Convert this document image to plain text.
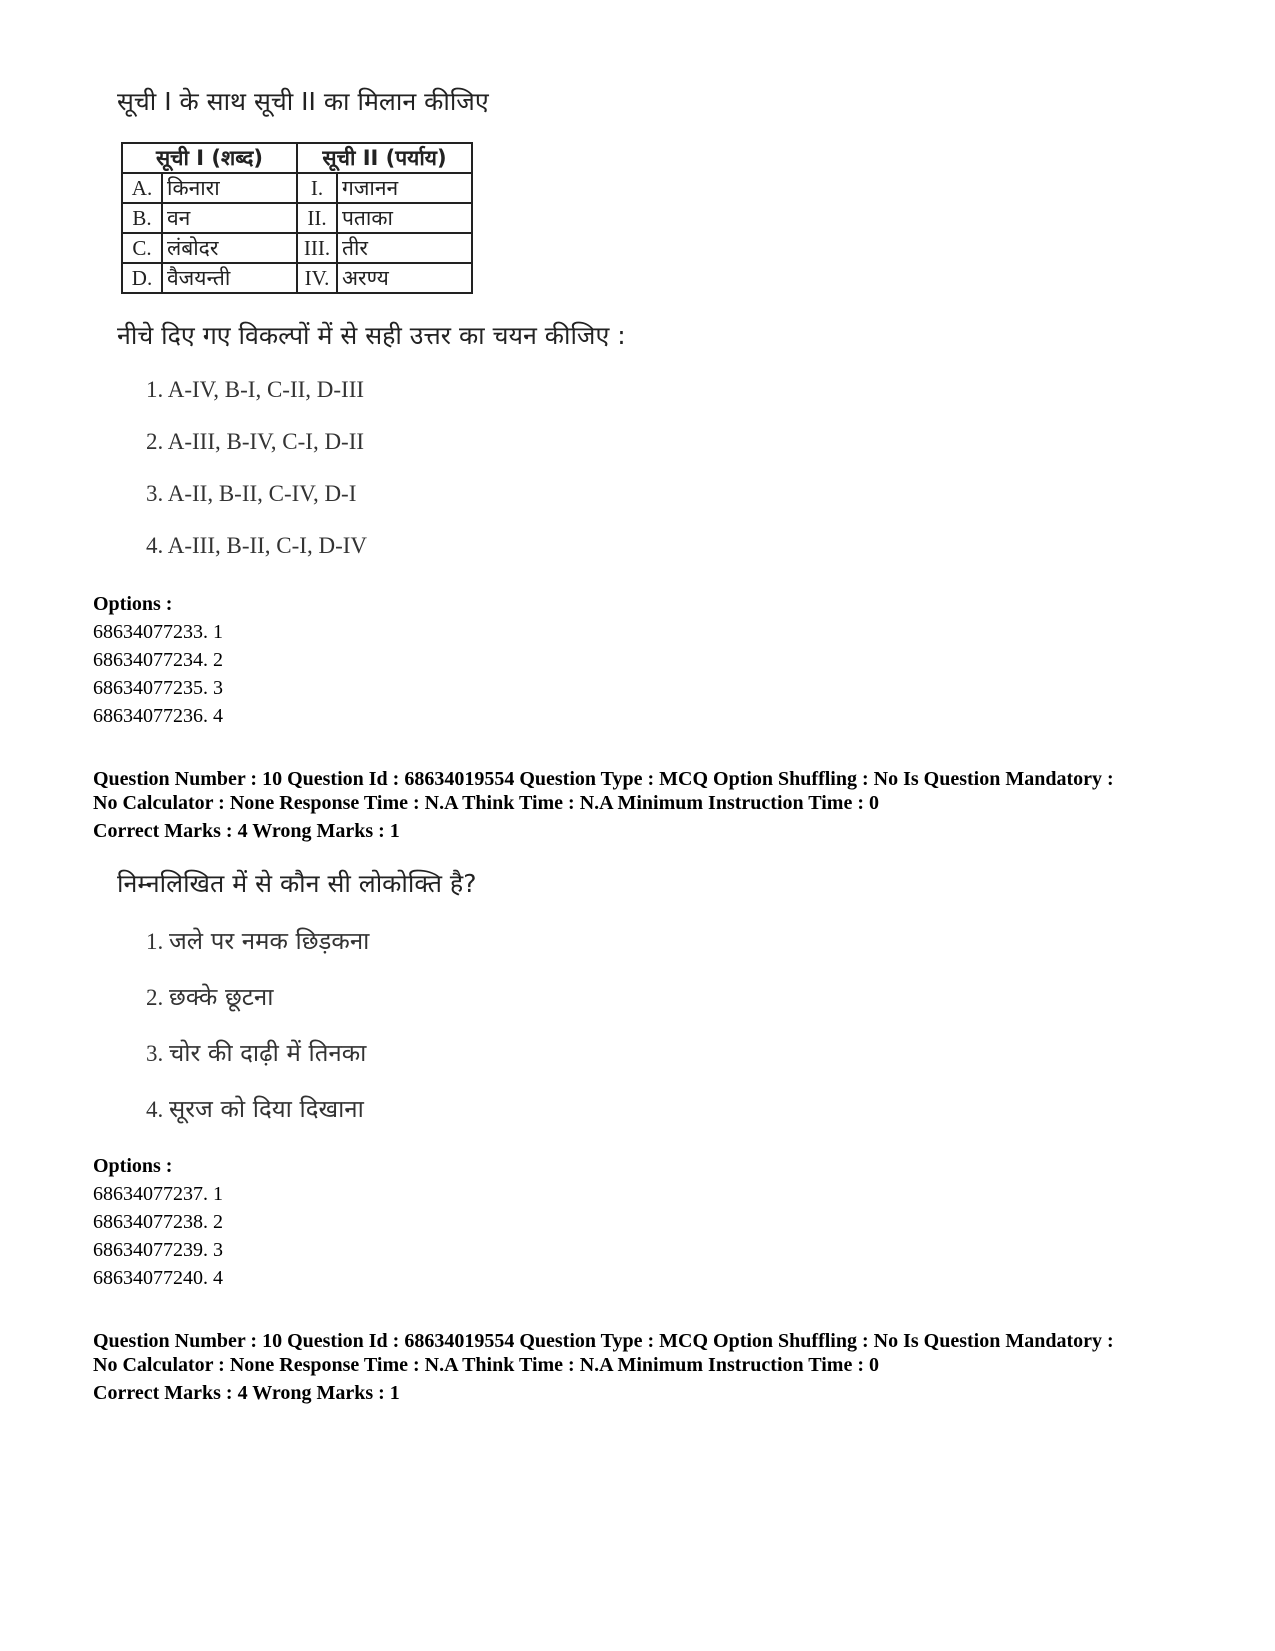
सूची I के साथ सूची II का मिलान कीजिए
सूची I (शब्द)		सूची II (पर्याय)	
A.	किनारा	I.	गजानन
B.	वन	II.	पताका
C.	लंबोदर	III.	तीर
D.	वैजयन्ती	IV.	अरण्य
नीचे दिए गए विकल्पों में से सही उत्तर का चयन कीजिए :
1. A-IV, B-I, C-II, D-III
2. A-III, B-IV, C-I, D-II
3. A-II, B-II, C-IV, D-I
4. A-III, B-II, C-I, D-IV
Options :
68634077233. 1
68634077234. 2
68634077235. 3
68634077236. 4
Question Number : 10 Question Id : 68634019554 Question Type : MCQ Option Shuffling : No Is Question Mandatory :
No Calculator : None Response Time : N.A Think Time : N.A Minimum Instruction Time : 0
Correct Marks : 4 Wrong Marks : 1
निम्नलिखित में से कौन सी लोकोक्ति है?
1. जले पर नमक छिड़कना
2. छक्के छूटना
3. चोर की दाढ़ी में तिनका
4. सूरज को दिया दिखाना
Options :
68634077237. 1
68634077238. 2
68634077239. 3
68634077240. 4
Question Number : 10 Question Id : 68634019554 Question Type : MCQ Option Shuffling : No Is Question Mandatory :
No Calculator : None Response Time : N.A Think Time : N.A Minimum Instruction Time : 0
Correct Marks : 4 Wrong Marks : 1
